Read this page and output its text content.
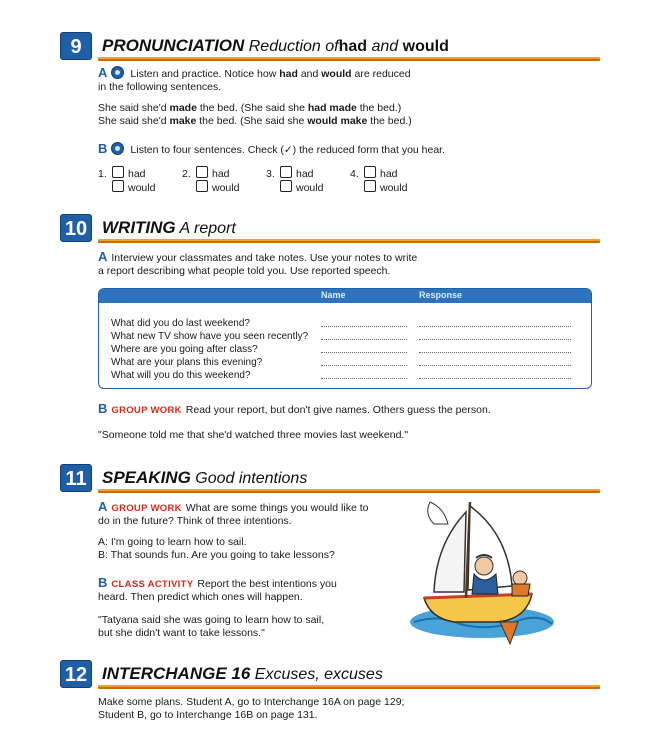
9	PRONUNCIATION Reduction ofhad and would

A Listen and practice. Notice how had and would are reduced

in the following sentences.

She said she'd made the bed. (She said she had made the bed.)

She said she'd make the bed. (She said she would make the bed.)

B Listen to four sentences. Check (✓) the reduced form that you hear.

1. had
would
2. had
would
3. had
would
4. had
would
10 WRITING A report

A Interview your classmates and take notes. Use your notes to write

a report describing what people told you. Use reported speech.

Name	Response
What did you do last weekend?
What new TV show have you seen recently?
Where are you going after class?
What are your plans this evening?
What will you do this weekend?

B GROUP WORK Read your report, but don't give names. Others guess the person.

"Someone told me that she'd watched three movies last weekend."

11 SPEAKING Good intentions

A GROUP WORK What are some things you would like to

do in the future? Think of three intentions.

A: I'm going to learn how to sail.

B: That sounds fun. Are you going to take lessons?

B CLASS ACTIVITY Report the best intentions you

heard. Then predict which ones will happen.

"Tatyana said she was going to learn how to sail,

but she didn't want to take lessons."

12 INTERCHANGE 16 Excuses, excuses

Make some plans. Student A, go to Interchange 16A on page 129;

Student B, go to Interchange 16B on page 131.
